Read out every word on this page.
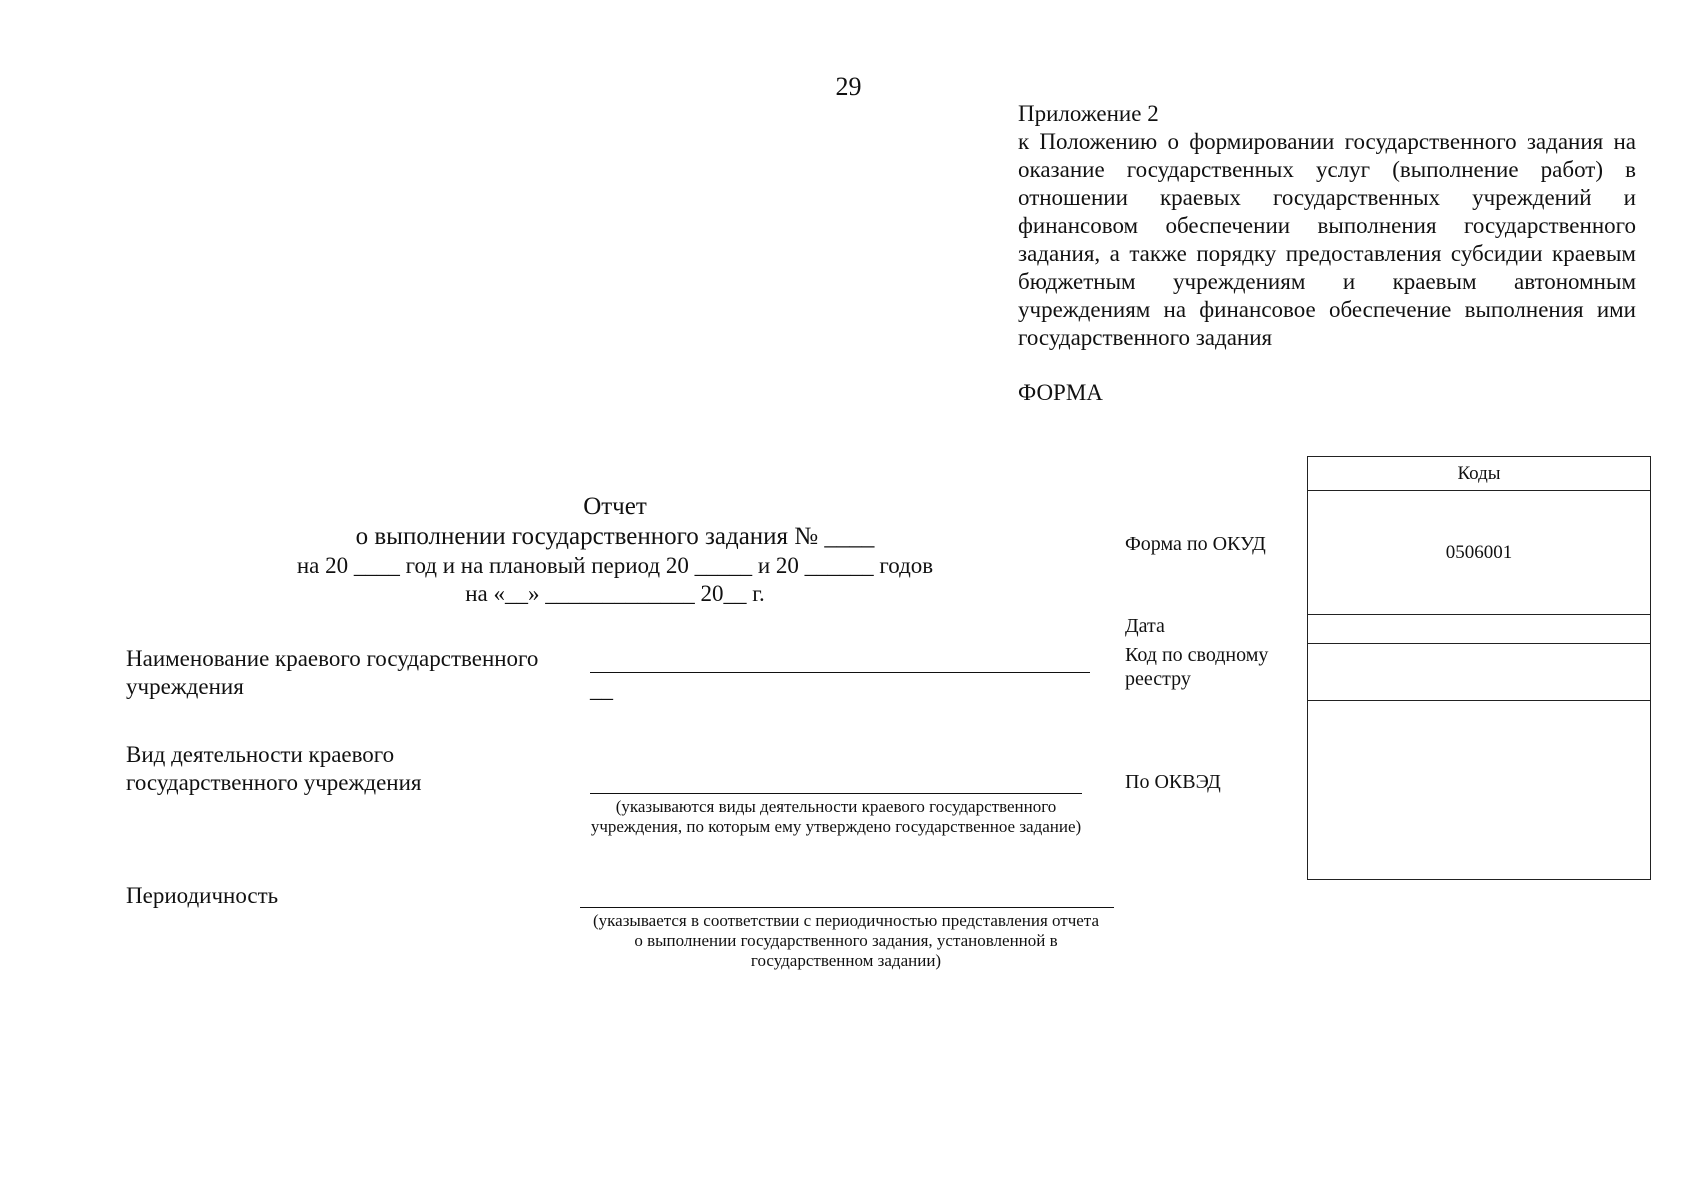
29
Приложение 2
к Положению о формировании государственного задания на оказание государственных услуг (выполнение работ) в отношении краевых государственных учреждений и финансовом обеспечении выполнения государственного задания, а также порядку предоставления субсидии краевым бюджетным учреждениям и краевым автономным учреждениям на финансовое обеспечение выполнения ими государственного задания
ФОРМА
Отчет
о выполнении государственного задания № ____
на 20 ____ год и на плановый период 20 _____ и 20 ______ годов
на «__» _____________ 20__ г.
Наименование краевого государственного учреждения	__
Вид деятельности краевого государственного учреждения
(указываются виды деятельности краевого государственного учреждения, по которым ему утверждено государственное задание)
Периодичность
(указывается в соответствии с периодичностью представления отчета о выполнении государственного задания, установленной в государственном задании)
Форма по ОКУД
Дата
Код по сводному реестру
По ОКВЭД
Коды
0506001
